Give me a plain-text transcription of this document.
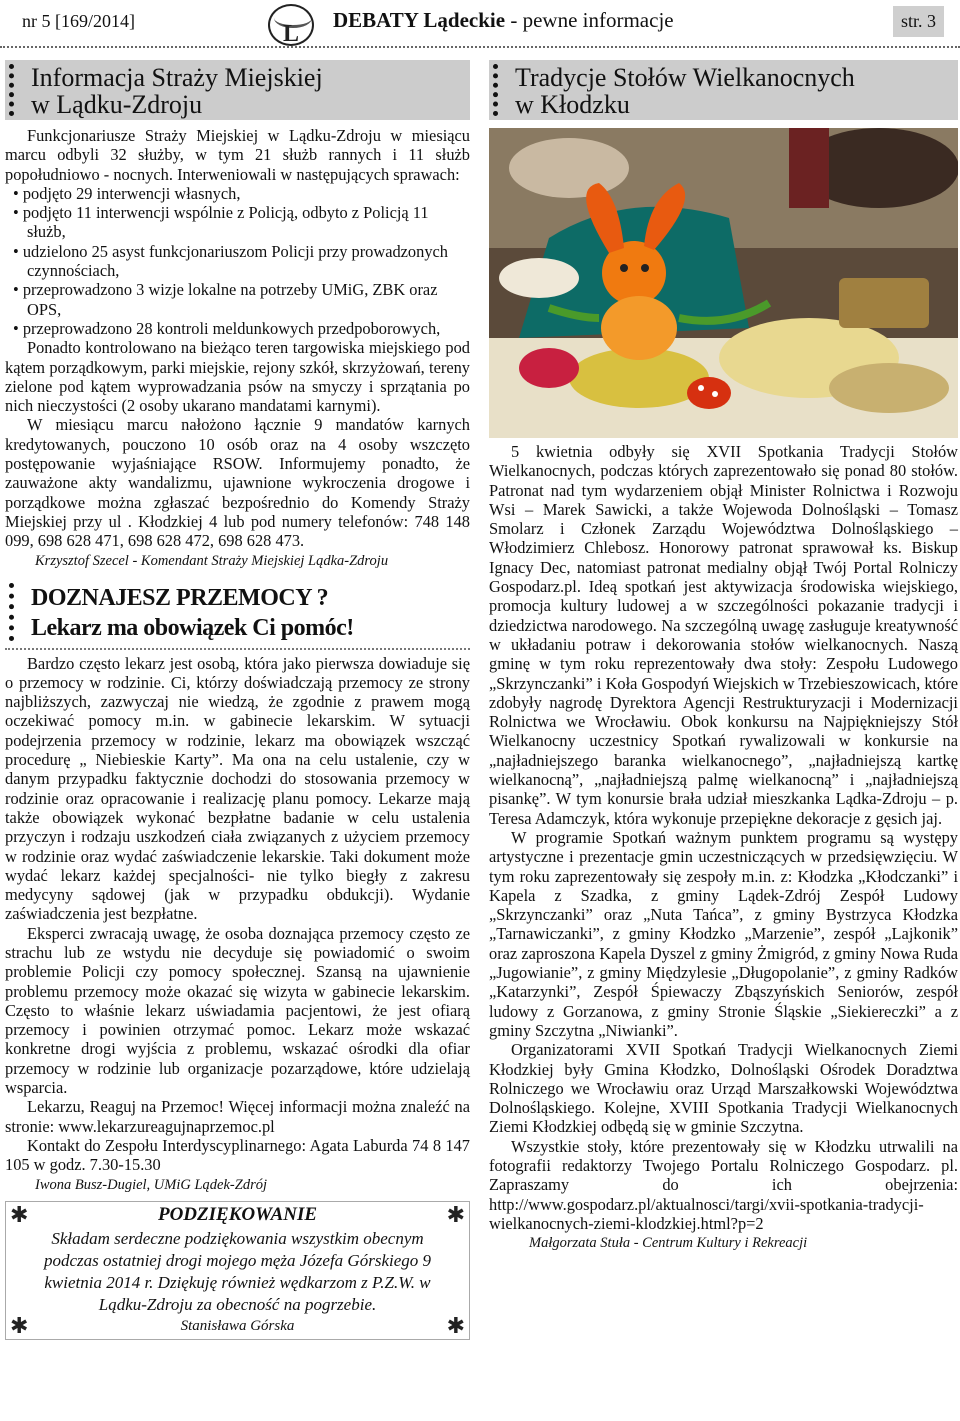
nr 5 [169/2014]	L
DEBATY Lądeckie - pewne informacje	str. 3
Informacja Straży Miejskiej
w Lądku-Zdroju

Funkcjonariusze Straży Miejskiej w Lądku-Zdroju w miesiącu marcu odbyli 32 służby, w tym 21 służb rannych i 11 służb popołudniowo - nocnych. Interweniowali w następujących sprawach:

• podjęto 29 interwencji własnych,
• podjęto 11 interwencji wspólnie z Policją, odbyto z Policją 11 służb,
• udzielono 25 asyst funkcjonariuszom Policji przy prowadzonych czynnościach,
• przeprowadzono 3 wizje lokalne na potrzeby UMiG, ZBK oraz OPS,
• przeprowadzono 28 kontroli meldunkowych przedpoborowych,

Ponadto kontrolowano na bieżąco teren targowiska miejskiego pod kątem porządkowym, parki miejskie, rejony szkół, skrzyżowań, tereny zielone pod kątem wyprowadzania psów na smyczy i sprzątania po nich nieczystości (2 osoby ukarano mandatami karnymi).

W miesiącu marcu nałożono łącznie 9 mandatów karnych kredytowanych, pouczono 10 osób oraz na 4 osoby wszczęto postępowanie wyjaśniające RSOW. Informujemy ponadto, że zauważone akty wandalizmu, ujawnione wykroczenia drogowe i porządkowe można zgłaszać bezpośrednio do Komendy Straży Miejskiej przy ul . Kłodzkiej 4 lub pod numery telefonów: 748 148 099, 698 628 471, 698 628 472, 698 628 473.

Krzysztof Szecel - Komendant Straży Miejskiej Lądka-Zdroju
DOZNAJESZ PRZEMOCY ?
Lekarz ma obowiązek Ci pomóc!

Bardzo często lekarz jest osobą, która jako pierwsza dowiaduje się o przemocy w rodzinie. Ci, którzy doświadczają przemocy ze strony najbliższych, zazwyczaj nie wiedzą, że zgodnie z prawem mogą oczekiwać pomocy m.in. w gabinecie lekarskim. W sytuacji podejrzenia przemocy w rodzinie, lekarz ma obowiązek wszcząć procedurę „ Niebieskie Karty”. Ma ona na celu ustalenie, czy w danym przypadku faktycznie dochodzi do stosowania przemocy w rodzinie oraz opracowanie i realizację planu pomocy. Lekarze mają także obowiązek wykonać bezpłatne badanie w celu ustalenia przyczyn i rodzaju uszkodzeń ciała związanych z użyciem przemocy w rodzinie oraz wydać zaświadczenie lekarskie. Taki dokument może wydać lekarz każdej specjalności- nie tylko biegły z zakresu medycyny sądowej (jak w przypadku obdukcji). Wydanie zaświadczenia jest bezpłatne.

Eksperci zwracają uwagę, że osoba doznająca przemocy często ze strachu lub ze wstydu nie decyduje się powiadomić o swoim problemie Policji czy pomocy społecznej. Szansą na ujawnienie problemu przemocy może okazać się wizyta w gabinecie lekarskim. Często to właśnie lekarz uświadamia pacjentowi, że jest ofiarą przemocy i powinien otrzymać pomoc. Lekarz może wskazać konkretne drogi wyjścia z problemu, wskazać ośrodki dla ofiar przemocy w rodzinie lub organizacje pozarządowe, które udzielają wsparcia.

Lekarzu, Reaguj na Przemoc! Więcej informacji można znaleźć na stronie: www.lekarzureagujnaprzemoc.pl

Kontakt do Zespołu Interdyscyplinarnego: Agata Laburda 74 8 147 105 w godz. 7.30-15.30

Iwona Busz-Dugiel, UMiG Lądek-Zdrój
✱	✱
✱	✱
PODZIĘKOWANIE

Składam serdeczne podziękowania wszystkim obecnym podczas ostatniej drogi mojego męża Józefa Górskiego 9 kwietnia 2014 r. Dziękuję również wędkarzom z P.Z.W. w Lądku-Zdroju za obecność na pogrzebie.

Stanisława Górska
Tradycje Stołów Wielkanocnych
w Kłodzku

5 kwietnia odbyły się XVII Spotkania Tradycji Stołów Wielkanocnych, podczas których zaprezentowało się ponad 80 stołów. Patronat nad tym wydarzeniem objął Minister Rolnictwa i Rozwoju Wsi – Marek Sawicki, a także Wojewoda Dolnośląski – Tomasz Smolarz i Członek Zarządu Województwa Dolnośląskiego – Włodzimierz Chlebosz. Honorowy patronat sprawował ks. Biskup Ignacy Dec, natomiast patronat medialny objął Twój Portal Rolniczy Gospodarz.pl. Ideą spotkań jest aktywizacja środowiska wiejskiego, promocja kultury ludowej a w szczególności pokazanie tradycji i dziedzictwa narodowego. Na szczególną uwagę zasługuje kreatywność w układaniu potraw i dekorowania stołów wielkanocnych. Naszą gminę w tym roku reprezentowały dwa stoły: Zespołu Ludowego „Skrzynczanki” i Koła Gospodyń Wiejskich w Trzebieszowicach, które zdobyły nagrodę Dyrektora Agencji Restrukturyzacji i Modernizacji Rolnictwa we Wrocławiu. Obok konkursu na Najpiękniejszy Stół Wielkanocny uczestnicy Spotkań rywalizowali w konkursie na „najładniejszego baranka wielkanocnego”, „najładniejszą kartkę wielkanocną”, „najładniejszą palmę wielkanocną” i „najładniejszą pisankę”. W tym konursie brała udział mieszkanka Lądka-Zdroju – p. Teresa Adamczyk, która wykonuje przepiękne dekoracje z gęsich jaj.

W programie Spotkań ważnym punktem programu są występy artystyczne i prezentacje gmin uczestniczących w przedsięwzięciu. W tym roku zaprezentowały się zespoły m.in. z: Kłodzka „Kłodczanki” i Kapela z Szadka, z gminy Lądek-Zdrój Zespół Ludowy „Skrzynczanki” oraz „Nuta Tańca”, z gminy Bystrzyca Kłodzka „Tarnawiczanki”, z gminy Kłodzko „Marzenie”, zespół „Lajkonik” oraz zaproszona Kapela Dyszel z gminy Żmigród, z gminy Nowa Ruda „Jugowianie”, z gminy Międzylesie „Długopolanie”, z gminy Radków „Katarzynki”, Zespół Śpiewaczy Zbąszyńskich Seniorów, zespół ludowy z Gorzanowa, z gminy Stronie Śląskie „Siekiereczki” a z gminy Szczytna „Niwianki”.

Organizatorami XVII Spotkań Tradycji Wielkanocnych Ziemi Kłodzkiej były Gmina Kłodzko, Dolnośląski Ośrodek Doradztwa Rolniczego we Wrocławiu oraz Urząd Marszałkowski Województwa Dolnośląskiego. Kolejne, XVIII Spotkania Tradycji Wielkanocnych Ziemi Kłodzkiej odbędą się w gminie Szczytna.

Wszystkie stoły, które prezentowały się w Kłodzku utrwalili na fotografii redaktorzy Twojego Portalu Rolniczego Gospodarz. pl. Zapraszamy do ich obejrzenia: http://www.gospodarz.pl/aktualnosci/targi/xvii-spotkania-tradycji-wielkanocnych-ziemi-klodzkiej.html?p=2

Małgorzata Stuła - Centrum Kultury i Rekreacji
